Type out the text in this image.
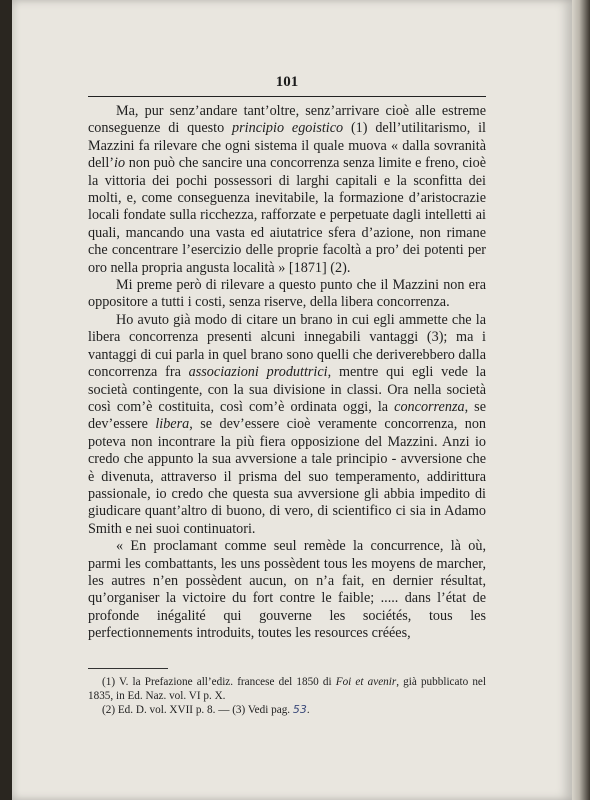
101

Ma, pur senz’andare tant’oltre, senz’arrivare cioè alle estreme conseguenze di questo principio egoistico (1) dell’utilitarismo, il Mazzini fa rilevare che ogni sistema il quale muova « dalla sovranità dell’io non può che sancire una concorrenza senza limite e freno, cioè la vittoria dei pochi possessori di larghi capitali e la sconfitta dei molti, e, come conseguenza inevitabile, la formazione d’aristocrazie locali fondate sulla ricchezza, rafforzate e perpetuate dagli intelletti ai quali, mancando una vasta ed aiutatrice sfera d’azione, non rimane che concentrare l’esercizio delle proprie facoltà a pro’ dei potenti per oro nella propria angusta località » [1871] (2).

Mi preme però di rilevare a questo punto che il Mazzini non era oppositore a tutti i costi, senza riserve, della libera concorrenza.

Ho avuto già modo di citare un brano in cui egli ammette che la libera concorrenza presenti alcuni innegabili vantaggi (3); ma i vantaggi di cui parla in quel brano sono quelli che deriverebbero dalla concorrenza fra associazioni produttrici, mentre qui egli vede la società contingente, con la sua divisione in classi. Ora nella società così com’è costituita, così com’è ordinata oggi, la concorrenza, se dev’essere libera, se dev’essere cioè veramente concorrenza, non poteva non incontrare la più fiera opposizione del Mazzini. Anzi io credo che appunto la sua avversione a tale principio - avversione che è divenuta, attraverso il prisma del suo temperamento, addirittura passionale, io credo che questa sua avversione gli abbia impedito di giudicare quant’altro di buono, di vero, di scientifico ci sia in Adamo Smith e nei suoi continuatori.

« En proclamant comme seul remède la concurrence, là où, parmi les combattants, les uns possèdent tous les moyens de marcher, les autres n’en possèdent aucun, on n’a fait, en dernier résultat, qu’organiser la victoire du fort contre le faible; ..... dans l’état de profonde inégalité qui gouverne les sociétés, tous les perfectionnements introduits, toutes les resources créées,

(1) V. la Prefazione all’ediz. francese del 1850 di Foi et avenir, già pubblicato nel 1835, in Ed. Naz. vol. VI p. X.

(2) Ed. D. vol. XVII p. 8. — (3) Vedi pag. 53.
